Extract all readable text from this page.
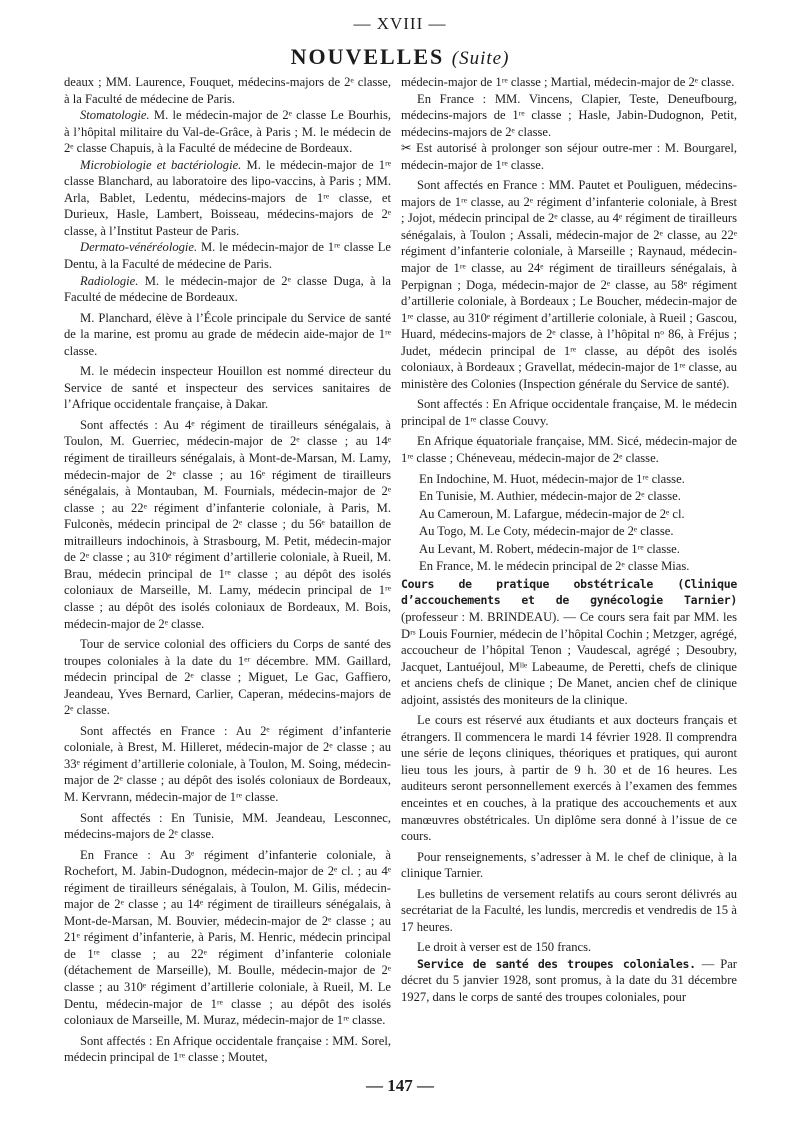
— XVIII —
NOUVELLES (Suite)

deaux ; MM. Laurence, Fouquet, médecins-majors de 2ᵉ classe, à la Faculté de médecine de Paris.

Stomatologie. M. le médecin-major de 2ᵉ classe Le Bourhis, à l’hôpital militaire du Val-de-Grâce, à Paris ; M. le médecin de 2ᵉ classe Chapuis, à la Faculté de médecine de Bordeaux.

Microbiologie et bactériologie. M. le médecin-major de 1ʳᵉ classe Blanchard, au laboratoire des lipo-vaccins, à Paris ; MM. Arla, Bablet, Ledentu, médecins-majors de 1ʳᵉ classe, et Durieux, Hasle, Lambert, Boisseau, médecins-majors de 2ᵉ classe, à l’Institut Pasteur de Paris.

Dermato-vénéréologie. M. le médecin-major de 1ʳᵉ classe Le Dentu, à la Faculté de médecine de Paris.

Radiologie. M. le médecin-major de 2ᵉ classe Duga, à la Faculté de médecine de Bordeaux.

M. Planchard, élève à l’École principale du Service de santé de la marine, est promu au grade de médecin aide-major de 1ʳᵉ classe.

M. le médecin inspecteur Houillon est nommé directeur du Service de santé et inspecteur des services sanitaires de l’Afrique occidentale française, à Dakar.

Sont affectés : Au 4ᵉ régiment de tirailleurs sénégalais, à Toulon, M. Guerriec, médecin-major de 2ᵉ classe ; au 14ᵉ régiment de tirailleurs sénégalais, à Mont-de-Marsan, M. Lamy, médecin-major de 2ᵉ classe ; au 16ᵉ régiment de tirailleurs sénégalais, à Montauban, M. Fournials, médecin-major de 2ᵉ classe ; au 22ᵉ régiment d’infanterie coloniale, à Paris, M. Fulconès, médecin principal de 2ᵉ classe ; du 56ᵉ bataillon de mitrailleurs indochinois, à Strasbourg, M. Petit, médecin-major de 2ᵉ classe ; au 310ᵉ régiment d’artillerie coloniale, à Rueil, M. Brau, médecin principal de 1ʳᵉ classe ; au dépôt des isolés coloniaux de Marseille, M. Lamy, médecin principal de 1ʳᵉ classe ; au dépôt des isolés coloniaux de Bordeaux, M. Bois, médecin-major de 2ᵉ classe.

Tour de service colonial des officiers du Corps de santé des troupes coloniales à la date du 1ᵉʳ décembre. MM. Gaillard, médecin principal de 2ᵉ classe ; Miguet, Le Gac, Gaffiero, Jeandeau, Yves Bernard, Carlier, Caperan, médecins-majors de 2ᵉ classe.

Sont affectés en France : Au 2ᵉ régiment d’infanterie coloniale, à Brest, M. Hilleret, médecin-major de 2ᵉ classe ; au 33ᵉ régiment d’artillerie coloniale, à Toulon, M. Soing, médecin-major de 2ᵉ classe ; au dépôt des isolés coloniaux de Bordeaux, M. Kervrann, médecin-major de 1ʳᵉ classe.

Sont affectés : En Tunisie, MM. Jeandeau, Lesconnec, médecins-majors de 2ᵉ classe.

En France : Au 3ᵉ régiment d’infanterie coloniale, à Rochefort, M. Jabin-Dudognon, médecin-major de 2ᵉ cl. ; au 4ᵉ régiment de tirailleurs sénégalais, à Toulon, M. Gilis, médecin-major de 2ᵉ classe ; au 14ᵉ régiment de tirailleurs sénégalais, à Mont-de-Marsan, M. Bouvier, médecin-major de 2ᵉ classe ; au 21ᵉ régiment d’infanterie, à Paris, M. Henric, médecin principal de 1ʳᵉ classe ; au 22ᵉ régiment d’infanterie coloniale (détachement de Marseille), M. Boulle, médecin-major de 2ᵉ classe ; au 310ᵉ régiment d’artillerie coloniale, à Rueil, M. Le Dentu, médecin-major de 1ʳᵉ classe ; au dépôt des isolés coloniaux de Marseille, M. Muraz, médecin-major de 1ʳᵉ classe.

Sont affectés : En Afrique occidentale française : MM. Sorel, médecin principal de 1ʳᵉ classe ; Moutet,

médecin-major de 1ʳᵉ classe ; Martial, médecin-major de 2ᵉ classe.

En France : MM. Vincens, Clapier, Teste, Deneufbourg, médecins-majors de 1ʳᵉ classe ; Hasle, Jabin-Dudognon, Petit, médecins-majors de 2ᵉ classe.

✂ Est autorisé à prolonger son séjour outre-mer : M. Bourgarel, médecin-major de 1ʳᵉ classe.

Sont affectés en France : MM. Pautet et Pouliguen, médecins-majors de 1ʳᵉ classe, au 2ᵉ régiment d’infanterie coloniale, à Brest ; Jojot, médecin principal de 2ᵉ classe, au 4ᵉ régiment de tirailleurs sénégalais, à Toulon ; Assali, médecin-major de 2ᵉ classe, au 22ᵉ régiment d’infanterie coloniale, à Marseille ; Raynaud, médecin-major de 1ʳᵉ classe, au 24ᵉ régiment de tirailleurs sénégalais, à Perpignan ; Doga, médecin-major de 2ᵉ classe, au 58ᵉ régiment d’artillerie coloniale, à Bordeaux ; Le Boucher, médecin-major de 1ʳᵉ classe, au 310ᵉ régiment d’artillerie coloniale, à Rueil ; Gascou, Huard, médecins-majors de 2ᵉ classe, à l’hôpital nᵒ 86, à Fréjus ; Judet, médecin principal de 1ʳᵉ classe, au dépôt des isolés coloniaux, à Bordeaux ; Gravellat, médecin-major de 1ʳᵉ classe, au ministère des Colonies (Inspection générale du Service de santé).

Sont affectés : En Afrique occidentale française, M. le médecin principal de 1ʳᵉ classe Couvy.

En Afrique équatoriale française, MM. Sicé, médecin-major de 1ʳᵉ classe ; Chéneveau, médecin-major de 2ᵉ classe.

En Indochine, M. Huot, médecin-major de 1ʳᵉ classe.

En Tunisie, M. Authier, médecin-major de 2ᵉ classe.

Au Cameroun, M. Lafargue, médecin-major de 2ᵉ cl.

Au Togo, M. Le Coty, médecin-major de 2ᵉ classe.

Au Levant, M. Robert, médecin-major de 1ʳᵉ classe.

En France, M. le médecin principal de 2ᵉ classe Mias.

Cours de pratique obstétricale (Clinique d’accouchements et de gynécologie Tarnier) (professeur : M. BRINDEAU). — Ce cours sera fait par MM. les Dʳˢ Louis Fournier, médecin de l’hôpital Cochin ; Metzger, agrégé, accoucheur de l’hôpital Tenon ; Vaudescal, agrégé ; Desoubry, Jacquet, Lantuéjoul, Mˡˡᵉ Labeaume, de Peretti, chefs de clinique et anciens chefs de clinique ; De Manet, ancien chef de clinique adjoint, assistés des moniteurs de la clinique.

Le cours est réservé aux étudiants et aux docteurs français et étrangers. Il commencera le mardi 14 février 1928. Il comprendra une série de leçons cliniques, théoriques et pratiques, qui auront lieu tous les jours, à partir de 9 h. 30 et de 16 heures. Les auditeurs seront personnellement exercés à l’examen des femmes enceintes et en couches, à la pratique des accouchements et aux manœuvres obstétricales. Un diplôme sera donné à l’issue de ce cours.

Pour renseignements, s’adresser à M. le chef de clinique, à la clinique Tarnier.

Les bulletins de versement relatifs au cours seront délivrés au secrétariat de la Faculté, les lundis, mercredis et vendredis de 15 à 17 heures.

Le droit à verser est de 150 francs.

Service de santé des troupes coloniales. — Par décret du 5 janvier 1928, sont promus, à la date du 31 décembre 1927, dans le corps de santé des troupes coloniales, pour

— 147 —
